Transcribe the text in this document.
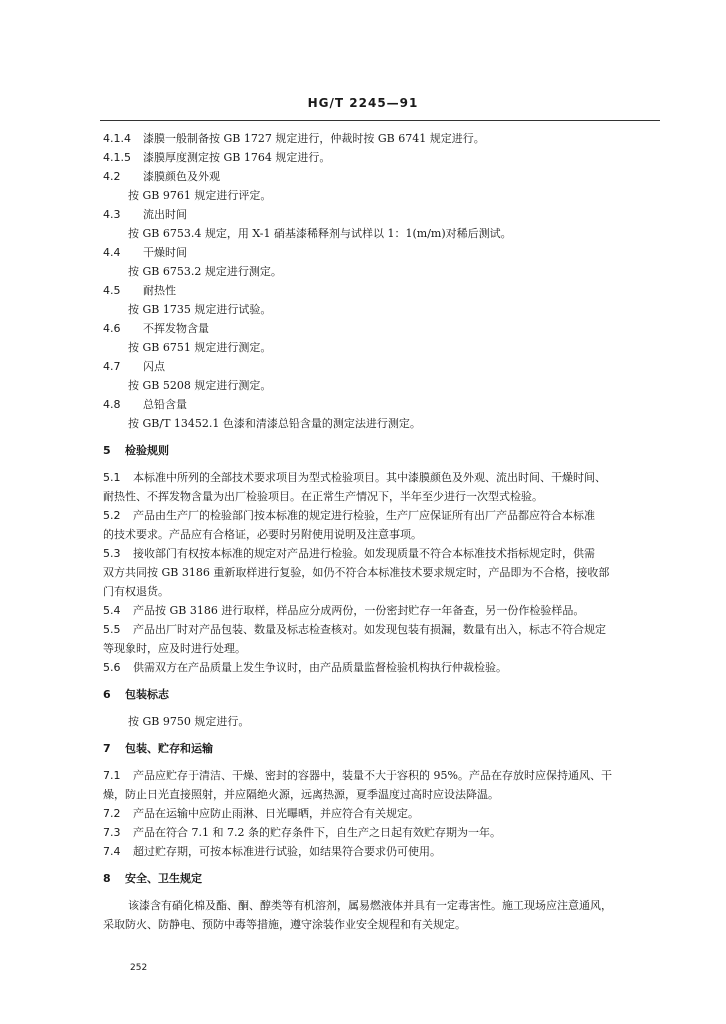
HG/T 2245—91
4.1.4 漆膜一般制备按 GB 1727 规定进行，仲裁时按 GB 6741 规定进行。
4.1.5 漆膜厚度测定按 GB 1764 规定进行。
4.2 漆膜颜色及外观
按 GB 9761 规定进行评定。
4.3 流出时间
按 GB 6753.4 规定，用 X-1 硝基漆稀释剂与试样以 1：1(m/m)对稀后测试。
4.4 干燥时间
按 GB 6753.2 规定进行测定。
4.5 耐热性
按 GB 1735 规定进行试验。
4.6 不挥发物含量
按 GB 6751 规定进行测定。
4.7 闪点
按 GB 5208 规定进行测定。
4.8 总铅含量
按 GB/T 13452.1 色漆和清漆总铅含量的测定法进行测定。
5 检验规则
5.1 本标准中所列的全部技术要求项目为型式检验项目。其中漆膜颜色及外观、流出时间、干燥时间、
耐热性、不挥发物含量为出厂检验项目。在正常生产情况下，半年至少进行一次型式检验。
5.2 产品由生产厂的检验部门按本标准的规定进行检验，生产厂应保证所有出厂产品都应符合本标准
的技术要求。产品应有合格证，必要时另附使用说明及注意事项。
5.3 接收部门有权按本标准的规定对产品进行检验。如发现质量不符合本标准技术指标规定时，供需
双方共同按 GB 3186 重新取样进行复验，如仍不符合本标准技术要求规定时，产品即为不合格，接收部
门有权退货。
5.4 产品按 GB 3186 进行取样，样品应分成两份，一份密封贮存一年备查，另一份作检验样品。
5.5 产品出厂时对产品包装、数量及标志检查核对。如发现包装有损漏，数量有出入，标志不符合规定
等现象时，应及时进行处理。
5.6 供需双方在产品质量上发生争议时，由产品质量监督检验机构执行仲裁检验。
6 包装标志
按 GB 9750 规定进行。
7 包装、贮存和运输
7.1 产品应贮存于清洁、干燥、密封的容器中，装量不大于容积的 95%。产品在存放时应保持通风、干
燥，防止日光直接照射，并应隔绝火源，远离热源，夏季温度过高时应设法降温。
7.2 产品在运输中应防止雨淋、日光曝晒，并应符合有关规定。
7.3 产品在符合 7.1 和 7.2 条的贮存条件下，自生产之日起有效贮存期为一年。
7.4 超过贮存期，可按本标准进行试验，如结果符合要求仍可使用。
8 安全、卫生规定
该漆含有硝化棉及酯、酮、醇类等有机溶剂，属易燃液体并具有一定毒害性。施工现场应注意通风，
采取防火、防静电、预防中毒等措施，遵守涂装作业安全规程和有关规定。
252
